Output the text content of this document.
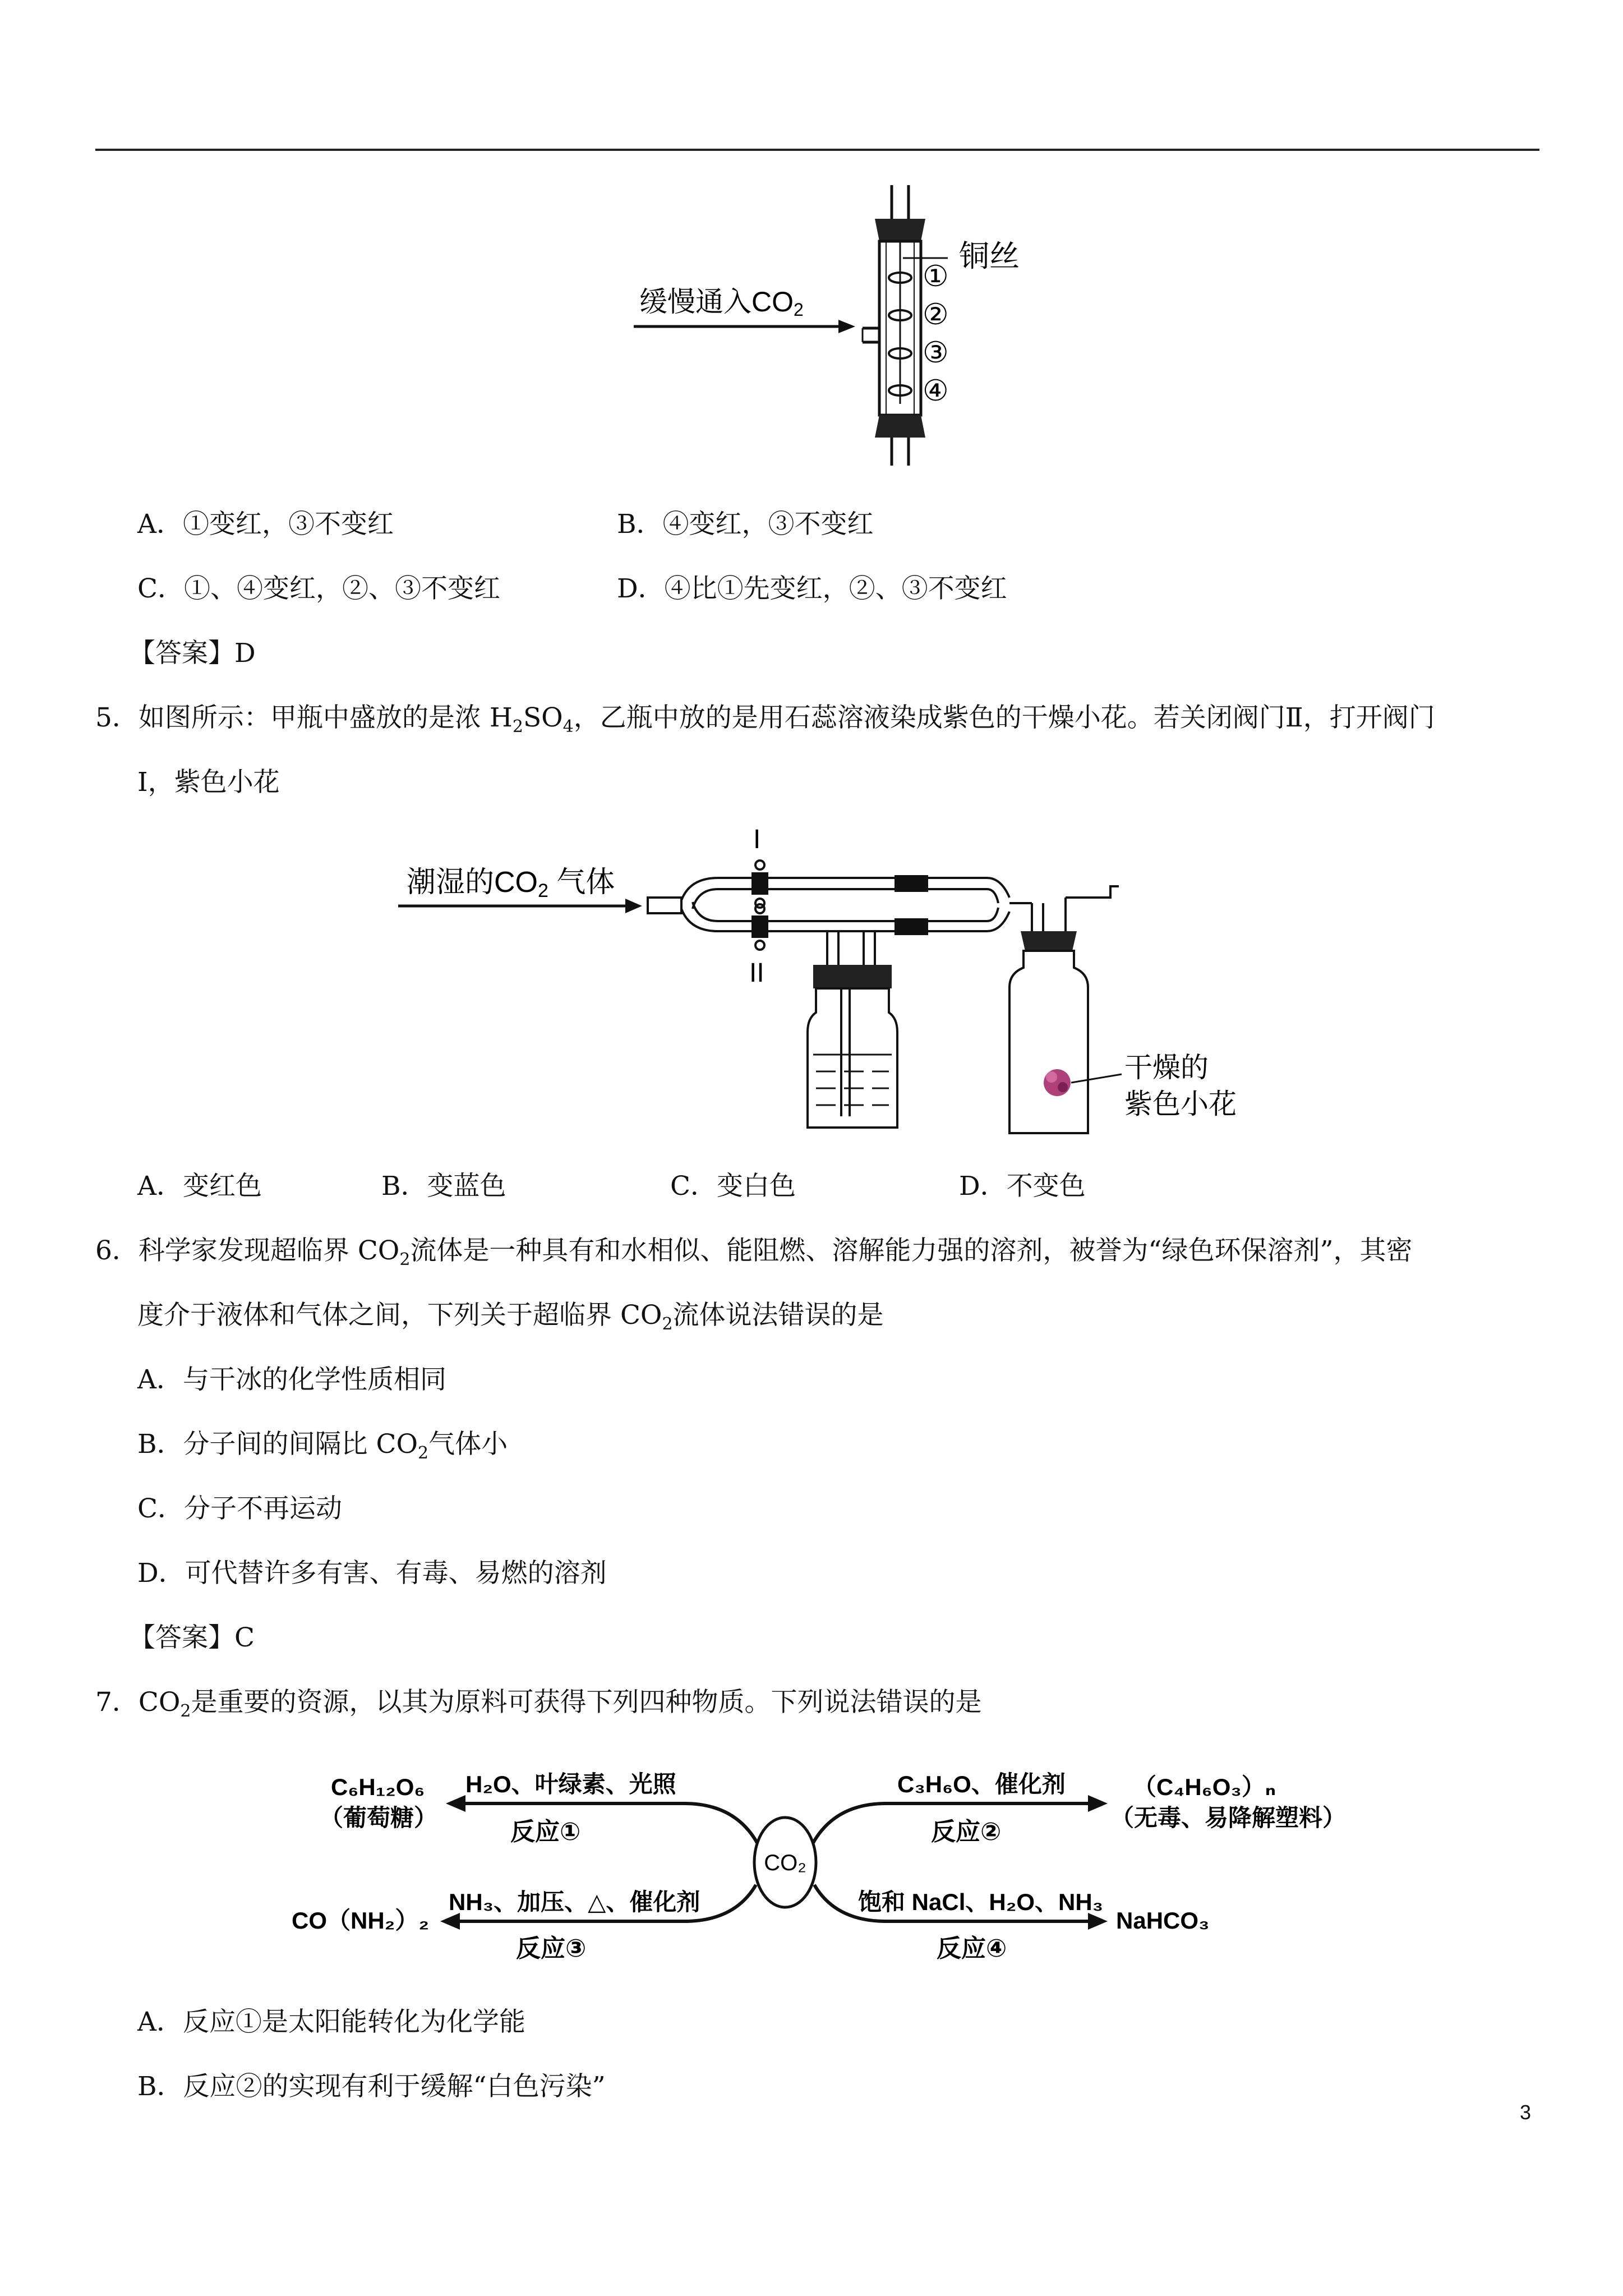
缓慢通入CO2
铜丝
①
②
③
④
A．①变红，③不变红	B．④变红，③不变红
C．①、④变红，②、③不变红	D．④比①先变红，②、③不变红
【答案】D
5．如图所示：甲瓶中盛放的是浓 $H_2SO_4$，乙瓶中放的是用石蕊溶液染成紫色的干燥小花。若关闭阀门Ⅱ，打开阀门
Ⅰ，紫色小花
潮湿的CO2 气体
I
II
干燥的
紫色小花
A．变红色	B．变蓝色	C．变白色	D．不变色
6．科学家发现超临界 $CO_2$流体是一种具有和水相似、能阻燃、溶解能力强的溶剂，被誉为“绿色环保溶剂”，其密
度介于液体和气体之间，下列关于超临界 $CO_2$流体说法错误的是
A．与干冰的化学性质相同
B．分子间的间隔比 $CO_2$气体小
C．分子不再运动
D．可代替许多有害、有毒、易燃的溶剂
【答案】C
7．$CO_2$是重要的资源，以其为原料可获得下列四种物质。下列说法错误的是
CO₂
C₆H₁₂O₆
（葡萄糖）
H₂O、叶绿素、光照
反应①
C₃H₆O、催化剂
反应②
（C₄H₆O₃）ₙ
（无毒、易降解塑料）
CO（NH₂）₂
NH₃、加压、△、催化剂
反应③
饱和 NaCl、H₂O、NH₃
反应④
NaHCO₃
A．反应①是太阳能转化为化学能
B．反应②的实现有利于缓解“白色污染”
3
